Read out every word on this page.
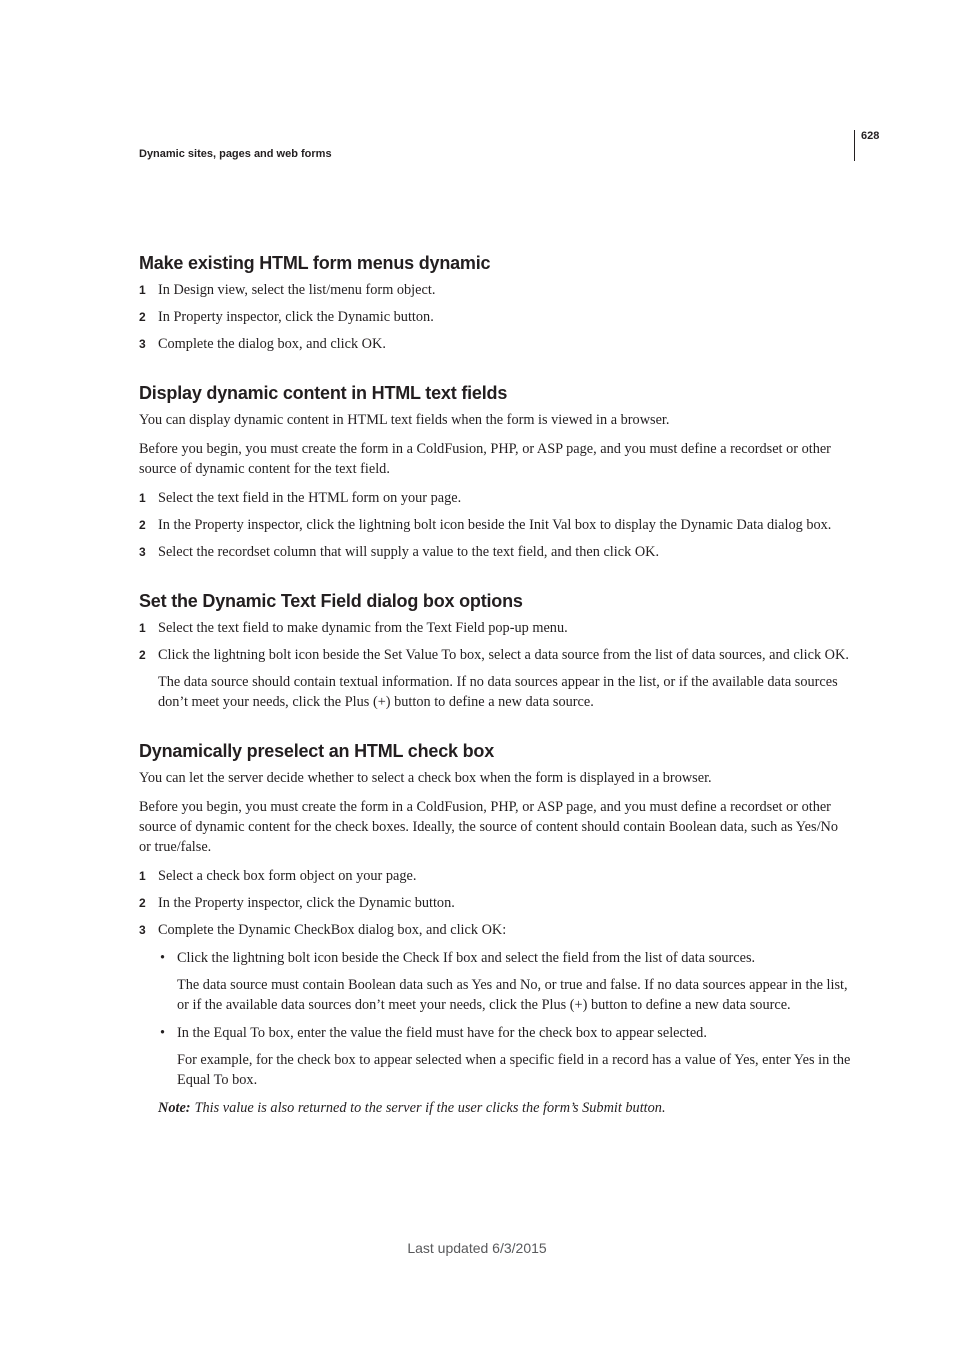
Dynamic sites, pages and web forms
628
Make existing HTML form menus dynamic
1 In Design view, select the list/menu form object.
2 In Property inspector, click the Dynamic button.
3 Complete the dialog box, and click OK.
Display dynamic content in HTML text fields

You can display dynamic content in HTML text fields when the form is viewed in a browser.

Before you begin, you must create the form in a ColdFusion, PHP, or ASP page, and you must define a recordset or other source of dynamic content for the text field.

1 Select the text field in the HTML form on your page.
2 In the Property inspector, click the lightning bolt icon beside the Init Val box to display the Dynamic Data dialog box.
3 Select the recordset column that will supply a value to the text field, and then click OK.
Set the Dynamic Text Field dialog box options
1 Select the text field to make dynamic from the Text Field pop-up menu.
2 Click the lightning bolt icon beside the Set Value To box, select a data source from the list of data sources, and click OK.

The data source should contain textual information. If no data sources appear in the list, or if the available data sources don’t meet your needs, click the Plus (+) button to define a new data source.

Dynamically preselect an HTML check box

You can let the server decide whether to select a check box when the form is displayed in a browser.

Before you begin, you must create the form in a ColdFusion, PHP, or ASP page, and you must define a recordset or other source of dynamic content for the check boxes. Ideally, the source of content should contain Boolean data, such as Yes/No or true/false.

1 Select a check box form object on your page.
2 In the Property inspector, click the Dynamic button.
3 Complete the Dynamic CheckBox dialog box, and click OK:
• Click the lightning bolt icon beside the Check If box and select the field from the list of data sources.

The data source must contain Boolean data such as Yes and No, or true and false. If no data sources appear in the list, or if the available data sources don’t meet your needs, click the Plus (+) button to define a new data source.

• In the Equal To box, enter the value the field must have for the check box to appear selected.

For example, for the check box to appear selected when a specific field in a record has a value of Yes, enter Yes in the Equal To box.

Note: This value is also returned to the server if the user clicks the form’s Submit button.
Last updated 6/3/2015
